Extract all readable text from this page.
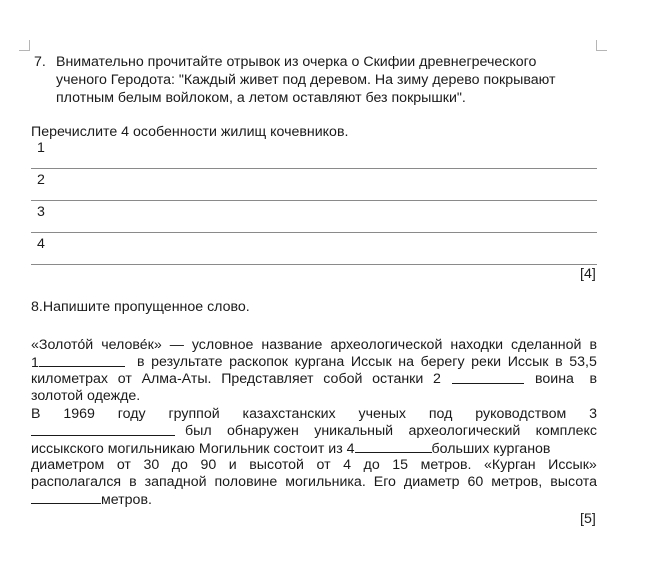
7. Внимательно прочитайте отрывок из очерка о Скифии древнегреческого
ученого Геродота: "Каждый живет под деревом. На зиму дерево покрывают
плотным белым войлоком, а летом оставляют без покрышки".
Перечислите 4 особенности жилищ кочевников.
1
2
3
4
[4]
8.Напишите пропущенное слово.
«Золото́й челове́к» — условное название археологической находки сделанной в
1	в результате раскопок кургана Иссык на берегу реки Иссык в 53,5
километрах от Алма-Аты. Представляет собой останки 2	воина в
золотой одежде.
В 1969 году группой казахстанских ученых под руководством 3
был обнаружен уникальный археологический комплекс
иссыкского могильникаю Могильник состоит из 4	больших курганов
диаметром от 30 до 90 и высотой от 4 до 15 метров. «Курган Иссык»
располагался в западной половине могильника. Его диаметр 60 метров, высота
метров.
[5]
